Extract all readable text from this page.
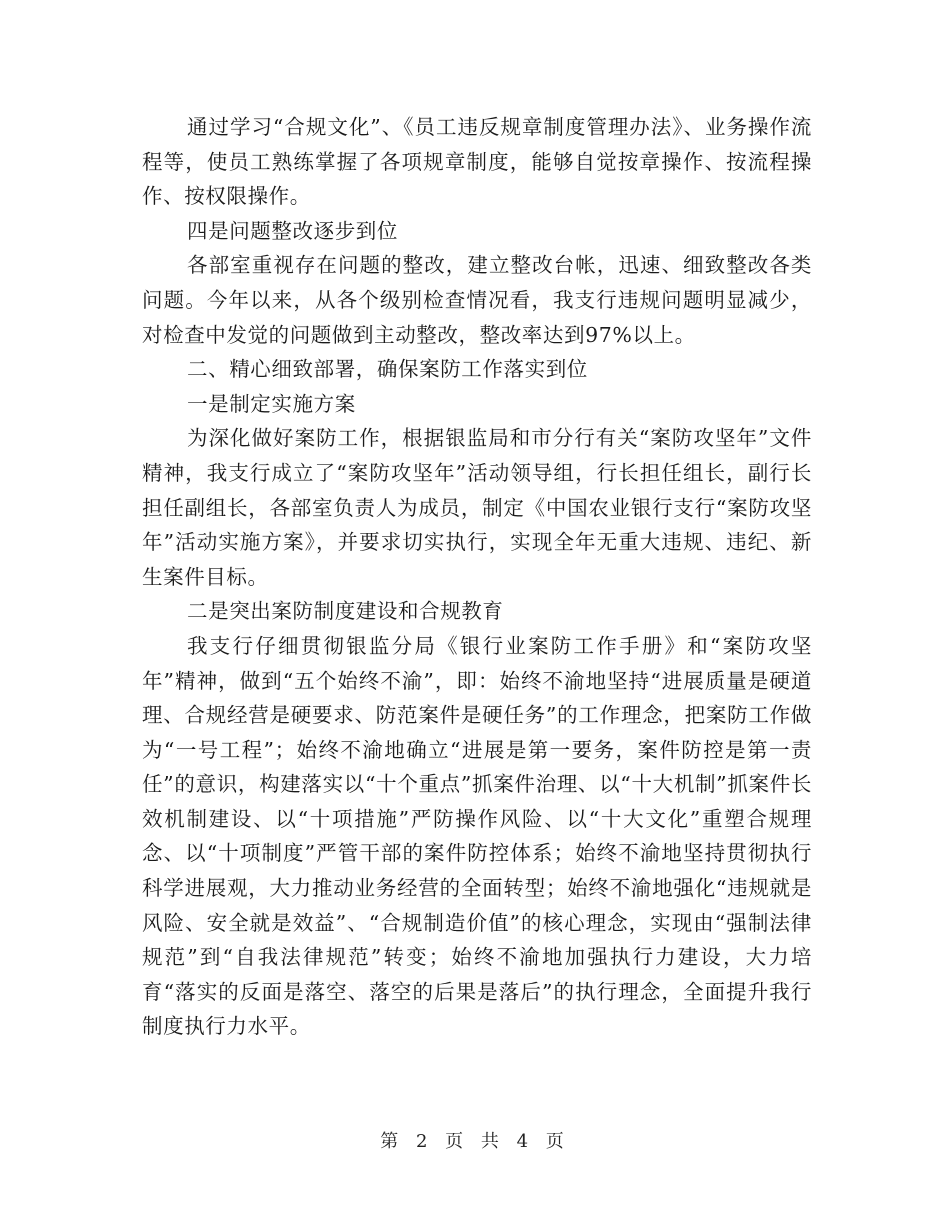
通过学习“合规文化”、《员工违反规章制度管理办法》、业务操作流程等，使员工熟练掌握了各项规章制度，能够自觉按章操作、按流程操作、按权限操作。

四是问题整改逐步到位

各部室重视存在问题的整改，建立整改台帐，迅速、细致整改各类问题。今年以来，从各个级别检查情况看，我支行违规问题明显减少，对检查中发觉的问题做到主动整改，整改率达到97%以上。

二、精心细致部署，确保案防工作落实到位

一是制定实施方案

为深化做好案防工作，根据银监局和市分行有关“案防攻坚年”文件精神，我支行成立了“案防攻坚年”活动领导组，行长担任组长，副行长担任副组长，各部室负责人为成员，制定《中国农业银行支行“案防攻坚年”活动实施方案》，并要求切实执行，实现全年无重大违规、违纪、新生案件目标。

二是突出案防制度建设和合规教育

我支行仔细贯彻银监分局《银行业案防工作手册》和“案防攻坚年”精神，做到“五个始终不渝”，即：始终不渝地坚持“进展质量是硬道理、合规经营是硬要求、防范案件是硬任务”的工作理念，把案防工作做为“一号工程”；始终不渝地确立“进展是第一要务，案件防控是第一责任”的意识，构建落实以“十个重点”抓案件治理、以“十大机制”抓案件长效机制建设、以“十项措施”严防操作风险、以“十大文化”重塑合规理念、以“十项制度”严管干部的案件防控体系；始终不渝地坚持贯彻执行科学进展观，大力推动业务经营的全面转型；始终不渝地强化“违规就是风险、安全就是效益”、“合规制造价值”的核心理念，实现由“强制法律规范”到“自我法律规范”转变；始终不渝地加强执行力建设，大力培育“落实的反面是落空、落空的后果是落后”的执行理念，全面提升我行制度执行力水平。

第 2 页 共 4 页
